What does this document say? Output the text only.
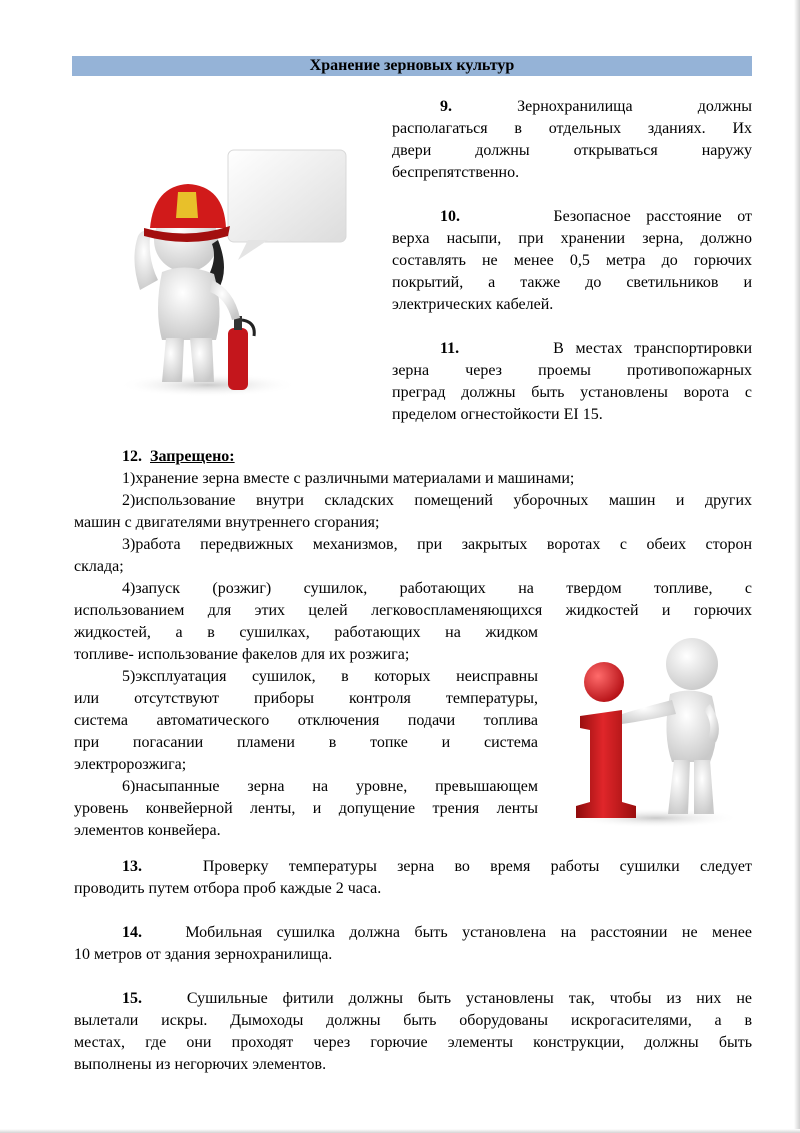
Хранение зерновых культур
9.	Зернохранилища должны
располагаться в отдельных зданиях. Их
двери должны открываться наружу
беспрепятственно.
10.	Безопасное расстояние от
верха насыпи, при хранении зерна, должно
составлять не менее 0,5 метра до горючих
покрытий, а также до светильников и
электрических кабелей.
11.	В местах транспортировки
зерна через проемы противопожарных
преград должны быть установлены ворота с
пределом огнестойкости EI 15.
12. Запрещено:
1)хранение зерна вместе с различными материалами и машинами;
2)использование внутри складских помещений уборочных машин и других
машин с двигателями внутреннего сгорания;
3)работа передвижных механизмов, при закрытых воротах с обеих сторон
склада;
4)запуск (розжиг) сушилок, работающих на твердом топливе, с
использованием для этих целей легковоспламеняющихся жидкостей и горючих
жидкостей, а в сушилках, работающих на жидком
топливе- использование факелов для их розжига;
5)эксплуатация сушилок, в которых неисправны
или отсутствуют приборы контроля температуры,
система автоматического отключения подачи топлива
при погасании пламени в топке и система
электророзжига;
6)насыпанные зерна на уровне, превышающем
уровень конвейерной ленты, и допущение трения ленты
элементов конвейера.
13.	Проверку температуры зерна во время работы сушилки следует
проводить путем отбора проб каждые 2 часа.
14.	Мобильная сушилка должна быть установлена на расстоянии не менее
10 метров от здания зернохранилища.
15.	Сушильные фитили должны быть установлены так, чтобы из них не
вылетали искры. Дымоходы должны быть оборудованы искрогасителями, а в
местах, где они проходят через горючие элементы конструкции, должны быть
выполнены из негорючих элементов.
